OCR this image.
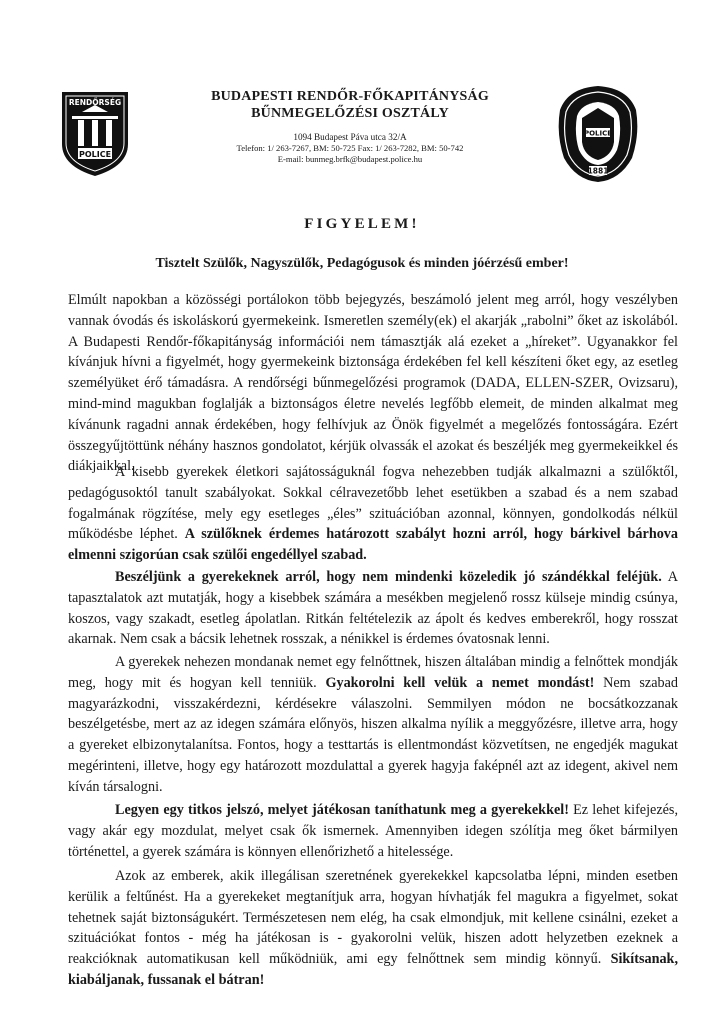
POLICE
RENDŐRSÉG	BUDAPESTI RENDŐR-FŐKAPITÁNYSÁG
BŰNMEGELŐZÉSI OSZTÁLY
1094 Budapest Páva utca 32/A
Telefon: 1/ 263-7267, BM: 50-725 Fax: 1/ 263-7282, BM: 50-742
E-mail: bunmeg.brfk@budapest.police.hu
POLICE
1881
FIGYELEM!
Tisztelt Szülők, Nagyszülők, Pedagógusok és minden jóérzésű ember!
Elmúlt napokban a közösségi portálokon több bejegyzés, beszámoló jelent meg arról, hogy veszélyben vannak óvodás és iskoláskorú gyermekeink. Ismeretlen személy(ek) el akarják „rabolni” őket az iskolából. A Budapesti Rendőr-főkapitányság információi nem támasztják alá ezeket a „híreket”. Ugyanakkor fel kívánjuk hívni a figyelmét, hogy gyermekeink biztonsága érdekében fel kell készíteni őket egy, az esetleg személyüket érő támadásra. A rendőrségi bűnmegelőzési programok (DADA, ELLEN-SZER, Ovizsaru), mind-mind magukban foglalják a biztonságos életre nevelés legfőbb elemeit, de minden alkalmat meg kívánunk ragadni annak érdekében, hogy felhívjuk az Önök figyelmét a megelőzés fontosságára. Ezért összegyűjtöttünk néhány hasznos gondolatot, kérjük olvassák el azokat és beszéljék meg gyermekeikkel és diákjaikkal.
A kisebb gyerekek életkori sajátosságuknál fogva nehezebben tudják alkalmazni a szülőktől, pedagógusoktól tanult szabályokat. Sokkal célravezetőbb lehet esetükben a szabad és a nem szabad fogalmának rögzítése, mely egy esetleges „éles” szituációban azonnal, könnyen, gondolkodás nélkül működésbe léphet. A szülőknek érdemes határozott szabályt hozni arról, hogy bárkivel bárhova elmenni szigorúan csak szülői engedéllyel szabad.
Beszéljünk a gyerekeknek arról, hogy nem mindenki közeledik jó szándékkal feléjük. A tapasztalatok azt mutatják, hogy a kisebbek számára a mesékben megjelenő rossz külseje mindig csúnya, koszos, vagy szakadt, esetleg ápolatlan. Ritkán feltételezik az ápolt és kedves emberekről, hogy rosszat akarnak. Nem csak a bácsik lehetnek rosszak, a nénikkel is érdemes óvatosnak lenni.
A gyerekek nehezen mondanak nemet egy felnőttnek, hiszen általában mindig a felnőttek mondják meg, hogy mit és hogyan kell tenniük. Gyakorolni kell velük a nemet mondást! Nem szabad magyarázkodni, visszakérdezni, kérdésekre válaszolni. Semmilyen módon ne bocsátkozzanak beszélgetésbe, mert az az idegen számára előnyös, hiszen alkalma nyílik a meggyőzésre, illetve arra, hogy a gyereket elbizonytalanítsa. Fontos, hogy a testtartás is ellentmondást közvetítsen, ne engedjék magukat megérinteni, illetve, hogy egy határozott mozdulattal a gyerek hagyja faképnél azt az idegent, akivel nem kíván társalogni.
Legyen egy titkos jelszó, melyet játékosan taníthatunk meg a gyerekekkel! Ez lehet kifejezés, vagy akár egy mozdulat, melyet csak ők ismernek. Amennyiben idegen szólítja meg őket bármilyen történettel, a gyerek számára is könnyen ellenőrizhető a hitelessége.
Azok az emberek, akik illegálisan szeretnének gyerekekkel kapcsolatba lépni, minden esetben kerülik a feltűnést. Ha a gyerekeket megtanítjuk arra, hogyan hívhatják fel magukra a figyelmet, sokat tehetnek saját biztonságukért. Természetesen nem elég, ha csak elmondjuk, mit kellene csinálni, ezeket a szituációkat fontos - még ha játékosan is - gyakorolni velük, hiszen adott helyzetben ezeknek a reakcióknak automatikusan kell működniük, ami egy felnőttnek sem mindig könnyű. Sikítsanak, kiabáljanak, fussanak el bátran!
